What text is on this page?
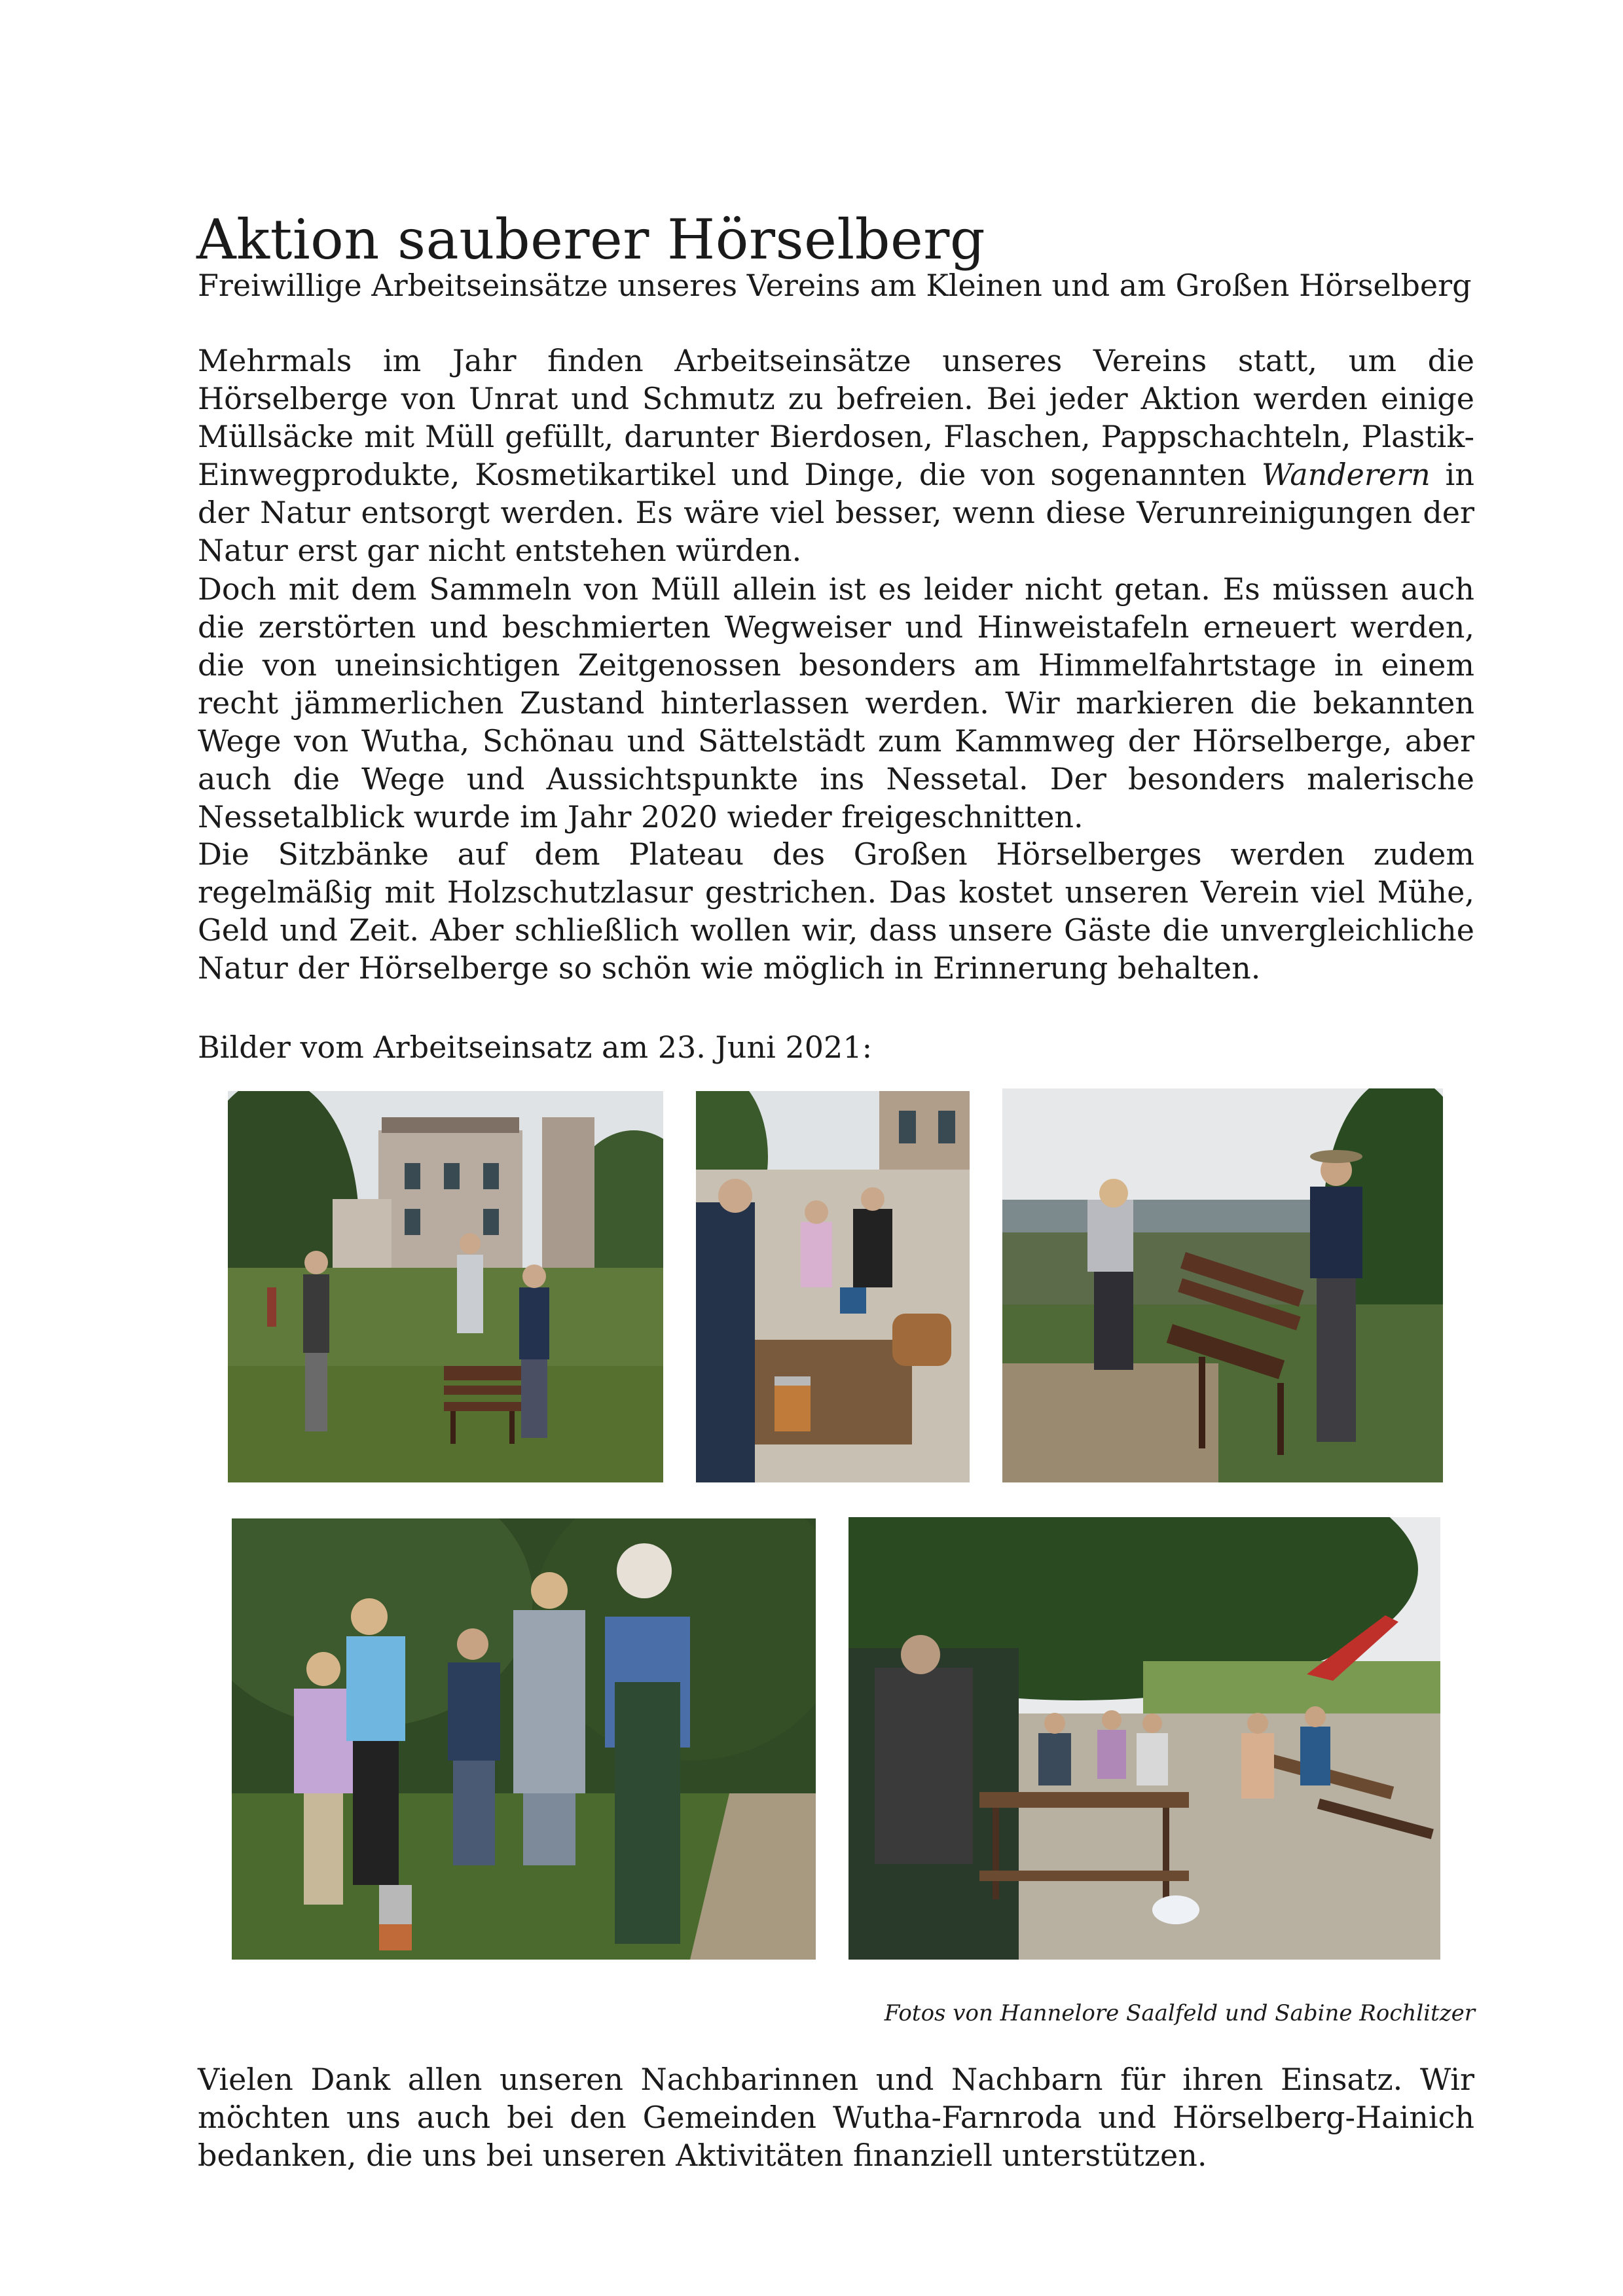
Aktion sauberer Hörselberg

Freiwillige Arbeitseinsätze unseres Vereins am Kleinen und am Großen Hörselberg

Mehrmals im Jahr finden Arbeitseinsätze unseres Vereins statt, um die Hörselberge von Unrat und Schmutz zu befreien. Bei jeder Aktion werden einige Müllsäcke mit Müll gefüllt, darunter Bierdosen, Flaschen, Pappschachteln, Plastik-Einwegprodukte, Kosmetikartikel und Dinge, die von sogenannten Wanderern in der Natur entsorgt werden. Es wäre viel besser, wenn diese Verunreinigungen der Natur erst gar nicht entstehen würden.

Doch mit dem Sammeln von Müll allein ist es leider nicht getan. Es müssen auch die zerstörten und beschmierten Wegweiser und Hinweistafeln erneuert werden, die von uneinsichtigen Zeitgenossen besonders am Himmelfahrtstage in einem recht jämmerlichen Zustand hinterlassen werden. Wir markieren die bekannten Wege von Wutha, Schönau und Sättelstädt zum Kammweg der Hörselberge, aber auch die Wege und Aussichtspunkte ins Nessetal. Der besonders malerische Nessetalblick wurde im Jahr 2020 wieder freigeschnitten.

Die Sitzbänke auf dem Plateau des Großen Hörselberges werden zudem regelmäßig mit Holzschutzlasur gestrichen. Das kostet unseren Verein viel Mühe, Geld und Zeit. Aber schließlich wollen wir, dass unsere Gäste die unvergleichliche Natur der Hörselberge so schön wie möglich in Erinnerung behalten.

Bilder vom Arbeitseinsatz am 23. Juni 2021:

Fotos von Hannelore Saalfeld und Sabine Rochlitzer

Vielen Dank allen unseren Nachbarinnen und Nachbarn für ihren Einsatz. Wir möchten uns auch bei den Gemeinden Wutha-Farnroda und Hörselberg-Hainich bedanken, die uns bei unseren Aktivitäten finanziell unterstützen.
